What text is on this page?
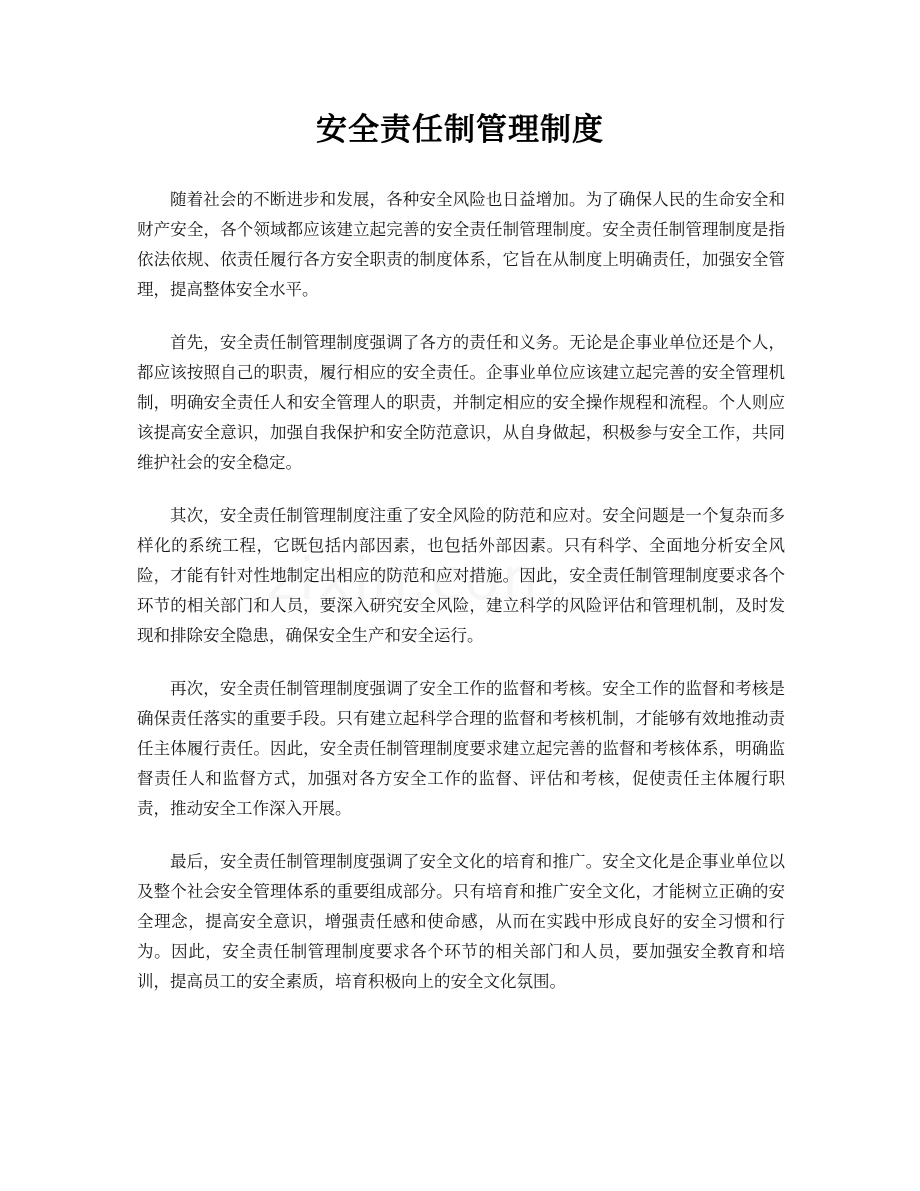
安全责任制管理制度

随着社会的不断进步和发展，各种安全风险也日益增加。为了确保人民的生命安全和财产安全，各个领域都应该建立起完善的安全责任制管理制度。安全责任制管理制度是指依法依规、依责任履行各方安全职责的制度体系，它旨在从制度上明确责任，加强安全管理，提高整体安全水平。

首先，安全责任制管理制度强调了各方的责任和义务。无论是企事业单位还是个人，都应该按照自己的职责，履行相应的安全责任。企事业单位应该建立起完善的安全管理机制，明确安全责任人和安全管理人的职责，并制定相应的安全操作规程和流程。个人则应该提高安全意识，加强自我保护和安全防范意识，从自身做起，积极参与安全工作，共同维护社会的安全稳定。

其次，安全责任制管理制度注重了安全风险的防范和应对。安全问题是一个复杂而多样化的系统工程，它既包括内部因素，也包括外部因素。只有科学、全面地分析安全风险，才能有针对性地制定出相应的防范和应对措施。因此，安全责任制管理制度要求各个环节的相关部门和人员，要深入研究安全风险，建立科学的风险评估和管理机制，及时发现和排除安全隐患，确保安全生产和安全运行。

再次，安全责任制管理制度强调了安全工作的监督和考核。安全工作的监督和考核是确保责任落实的重要手段。只有建立起科学合理的监督和考核机制，才能够有效地推动责任主体履行责任。因此，安全责任制管理制度要求建立起完善的监督和考核体系，明确监督责任人和监督方式，加强对各方安全工作的监督、评估和考核，促使责任主体履行职责，推动安全工作深入开展。

最后，安全责任制管理制度强调了安全文化的培育和推广。安全文化是企事业单位以及整个社会安全管理体系的重要组成部分。只有培育和推广安全文化，才能树立正确的安全理念，提高安全意识，增强责任感和使命感，从而在实践中形成良好的安全习惯和行为。因此，安全责任制管理制度要求各个环节的相关部门和人员，要加强安全教育和培训，提高员工的安全素质，培育积极向上的安全文化氛围。
